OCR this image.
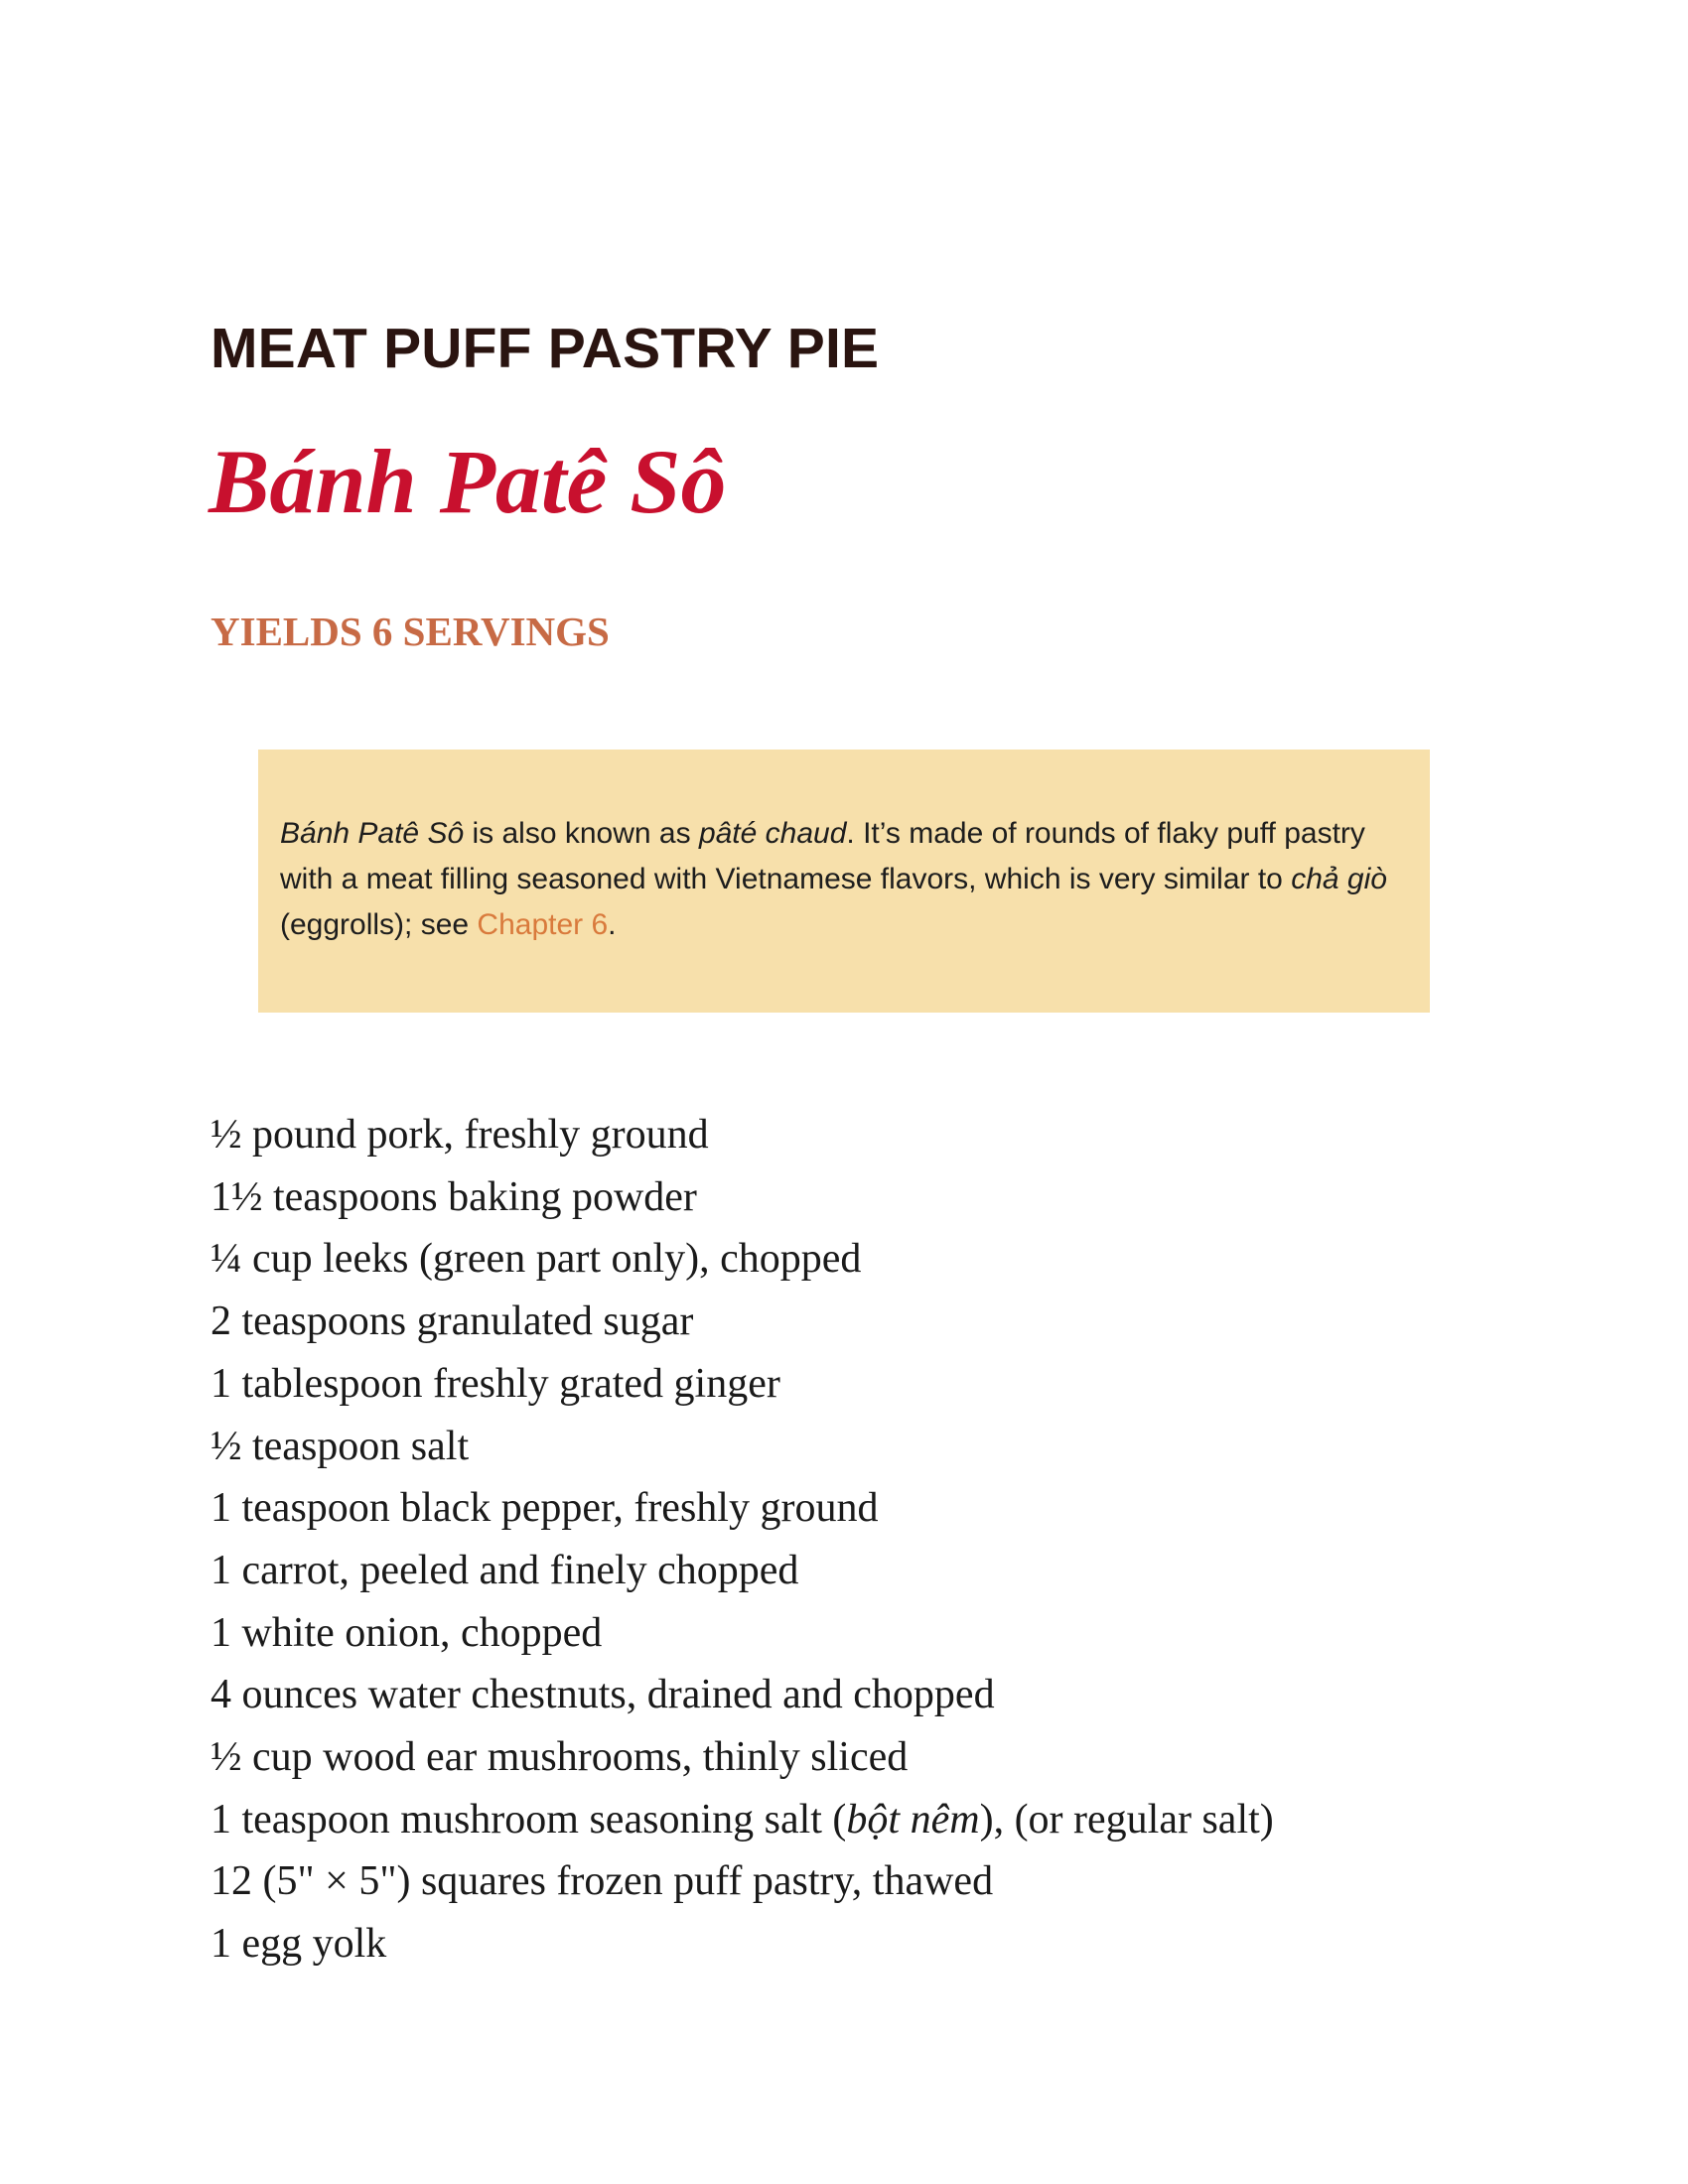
MEAT PUFF PASTRY PIE
Bánh Patê Sô
YIELDS 6 SERVINGS

Bánh Patê Sô is also known as pâté chaud. It’s made of rounds of flaky puff pastry with a meat filling seasoned with Vietnamese flavors, which is very similar to chả giò (eggrolls); see Chapter 6.

½ pound pork, freshly ground
1½ teaspoons baking powder
¼ cup leeks (green part only), chopped
2 teaspoons granulated sugar
1 tablespoon freshly grated ginger
½ teaspoon salt
1 teaspoon black pepper, freshly ground
1 carrot, peeled and finely chopped
1 white onion, chopped
4 ounces water chestnuts, drained and chopped
½ cup wood ear mushrooms, thinly sliced
1 teaspoon mushroom seasoning salt (bột nêm), (or regular salt)
12 (5" × 5") squares frozen puff pastry, thawed
1 egg yolk
